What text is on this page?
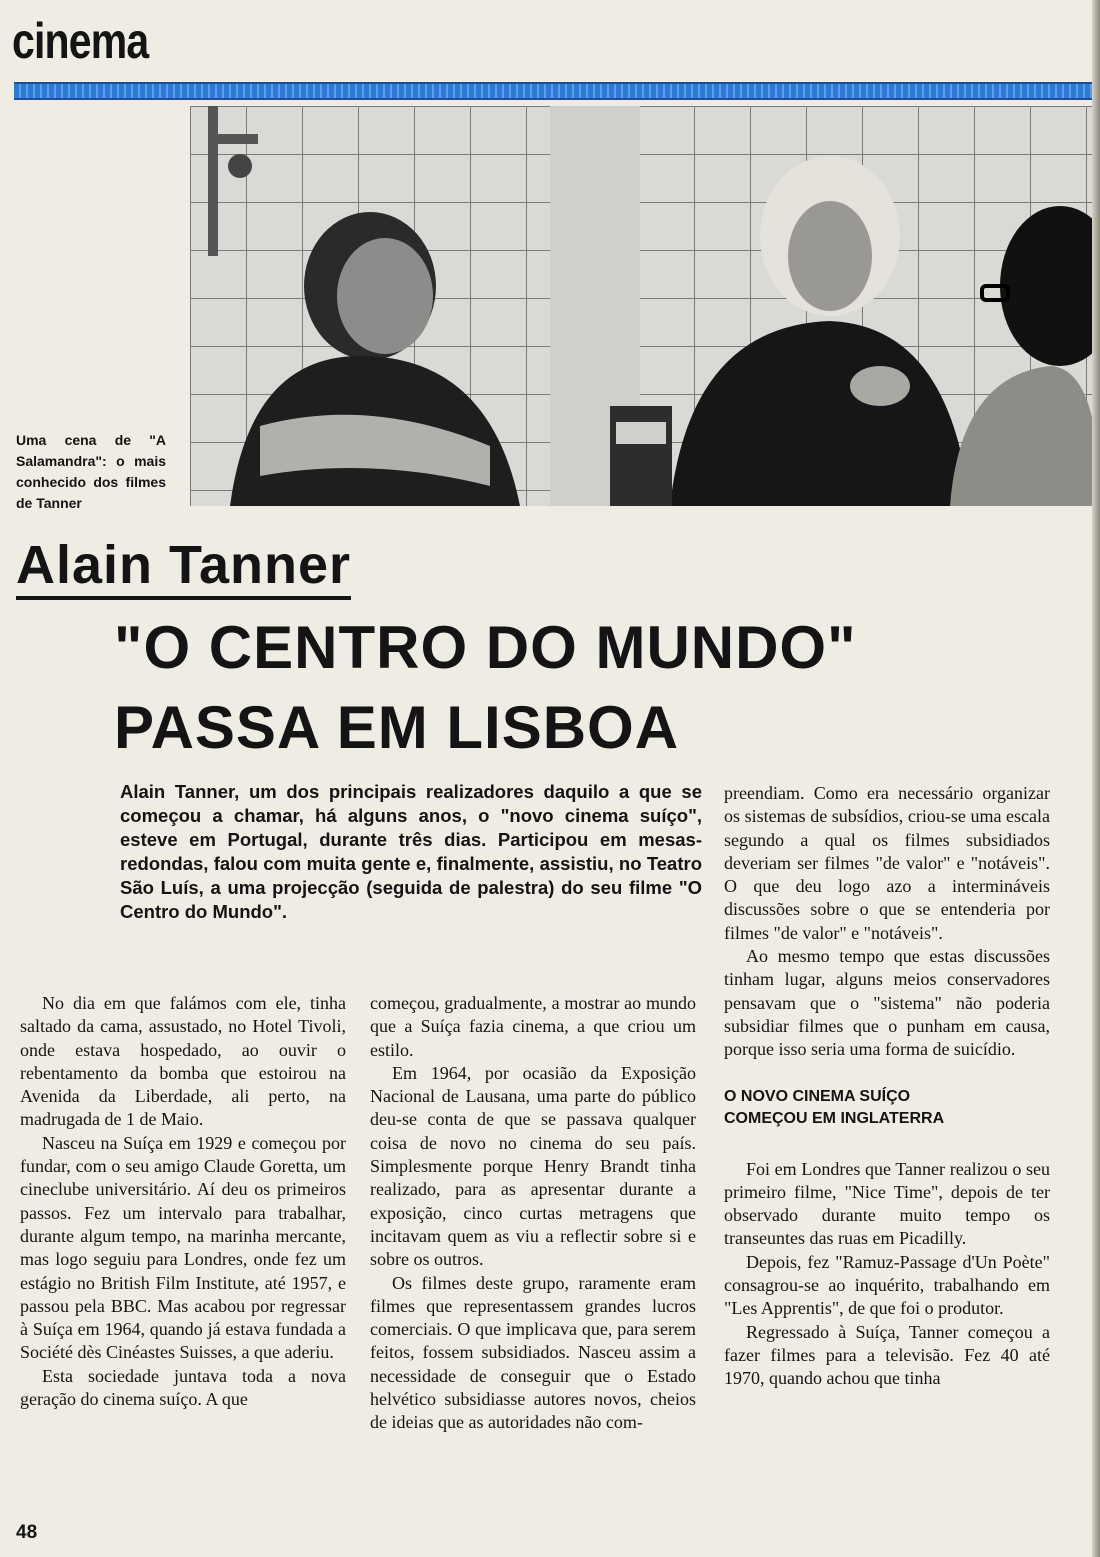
cinema

Uma cena de "A Salamandra": o mais conhecido dos filmes de Tanner

Alain Tanner
"O CENTRO DO MUNDO"
PASSA EM LISBOA

Alain Tanner, um dos principais realizadores daquilo a que se começou a chamar, há alguns anos, o "novo cinema suíço", esteve em Portugal, durante três dias. Participou em mesas-redondas, falou com muita gente e, finalmente, assistiu, no Teatro São Luís, a uma projecção (seguida de palestra) do seu filme "O Centro do Mundo".

No dia em que falámos com ele, tinha saltado da cama, assustado, no Hotel Tivoli, onde estava hospedado, ao ouvir o rebentamento da bomba que estoirou na Avenida da Liberdade, ali perto, na madrugada de 1 de Maio.

Nasceu na Suíça em 1929 e começou por fundar, com o seu amigo Claude Goretta, um cineclube universitário. Aí deu os primeiros passos. Fez um intervalo para trabalhar, durante algum tempo, na marinha mercante, mas logo seguiu para Londres, onde fez um estágio no British Film Institute, até 1957, e passou pela BBC. Mas acabou por regressar à Suíça em 1964, quando já estava fundada a Société dès Cinéastes Suisses, a que aderiu.

Esta sociedade juntava toda a nova geração do cinema suíço. A que

começou, gradualmente, a mostrar ao mundo que a Suíça fazia cinema, a que criou um estilo.

Em 1964, por ocasião da Exposição Nacional de Lausana, uma parte do público deu-se conta de que se passava qualquer coisa de novo no cinema do seu país. Simplesmente porque Henry Brandt tinha realizado, para as apresentar durante a exposição, cinco curtas metragens que incitavam quem as viu a reflectir sobre si e sobre os outros.

Os filmes deste grupo, raramente eram filmes que representassem grandes lucros comerciais. O que implicava que, para serem feitos, fossem subsidiados. Nasceu assim a necessidade de conseguir que o Estado helvético subsidiasse autores novos, cheios de ideias que as autoridades não com-

preendiam. Como era necessário organizar os sistemas de subsídios, criou-se uma escala segundo a qual os filmes subsidiados deveriam ser filmes "de valor" e "notáveis". O que deu logo azo a intermináveis discussões sobre o que se entenderia por filmes "de valor" e "notáveis".

Ao mesmo tempo que estas discussões tinham lugar, alguns meios conservadores pensavam que o "sistema" não poderia subsidiar filmes que o punham em causa, porque isso seria uma forma de suicídio.

O NOVO CINEMA SUÍÇO
COMEÇOU EM INGLATERRA

Foi em Londres que Tanner realizou o seu primeiro filme, "Nice Time", depois de ter observado durante muito tempo os transeuntes das ruas em Picadilly.

Depois, fez "Ramuz-Passage d'Un Poète" consagrou-se ao inquérito, trabalhando em "Les Apprentis", de que foi o produtor.

Regressado à Suíça, Tanner começou a fazer filmes para a televisão. Fez 40 até 1970, quando achou que tinha

48
